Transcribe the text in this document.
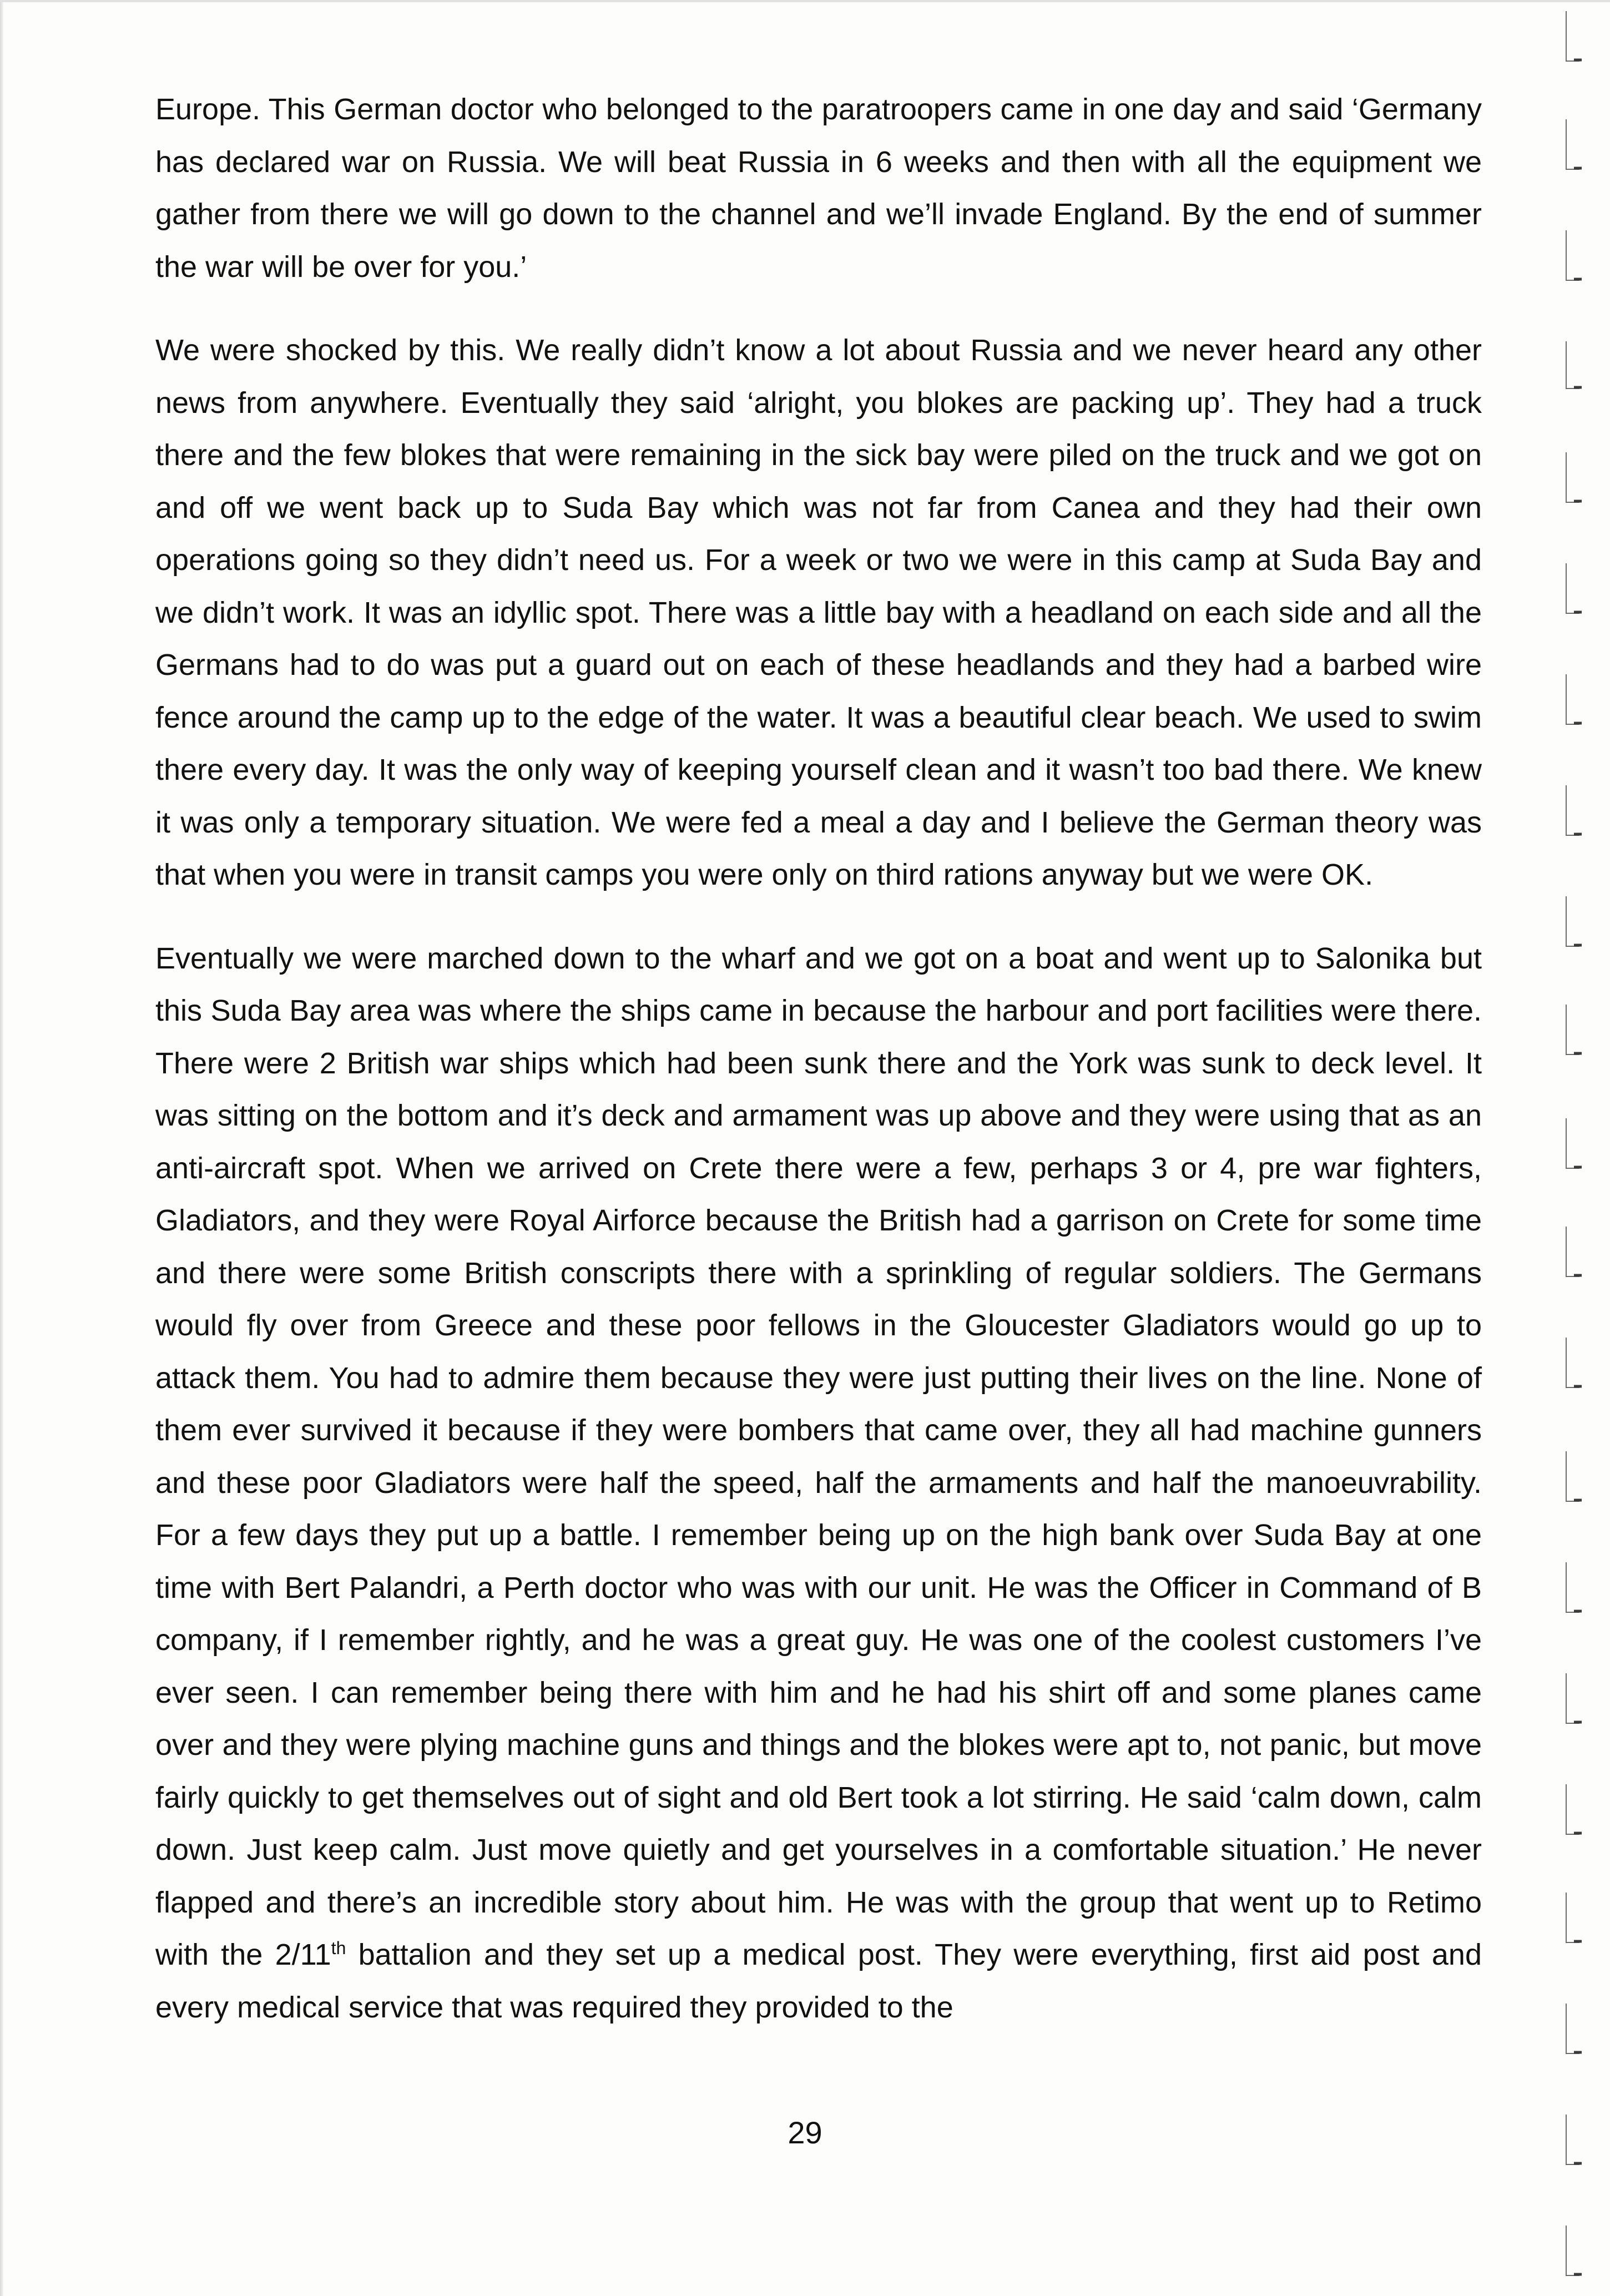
Europe. This German doctor who belonged to the paratroopers came in one day and said ‘Germany has declared war on Russia. We will beat Russia in 6 weeks and then with all the equipment we gather from there we will go down to the channel and we’ll invade England. By the end of summer the war will be over for you.’

We were shocked by this. We really didn’t know a lot about Russia and we never heard any other news from anywhere. Eventually they said ‘alright, you blokes are packing up’. They had a truck there and the few blokes that were remaining in the sick bay were piled on the truck and we got on and off we went back up to Suda Bay which was not far from Canea and they had their own operations going so they didn’t need us. For a week or two we were in this camp at Suda Bay and we didn’t work. It was an idyllic spot. There was a little bay with a headland on each side and all the Germans had to do was put a guard out on each of these headlands and they had a barbed wire fence around the camp up to the edge of the water. It was a beautiful clear beach. We used to swim there every day. It was the only way of keeping yourself clean and it wasn’t too bad there. We knew it was only a temporary situation. We were fed a meal a day and I believe the German theory was that when you were in transit camps you were only on third rations anyway but we were OK.

Eventually we were marched down to the wharf and we got on a boat and went up to Salonika but this Suda Bay area was where the ships came in because the harbour and port facilities were there. There were 2 British war ships which had been sunk there and the York was sunk to deck level. It was sitting on the bottom and it’s deck and armament was up above and they were using that as an anti-aircraft spot. When we arrived on Crete there were a few, perhaps 3 or 4, pre war fighters, Gladiators, and they were Royal Airforce because the British had a garrison on Crete for some time and there were some British conscripts there with a sprinkling of regular soldiers. The Germans would fly over from Greece and these poor fellows in the Gloucester Gladiators would go up to attack them. You had to admire them because they were just putting their lives on the line. None of them ever survived it because if they were bombers that came over, they all had machine gunners and these poor Gladiators were half the speed, half the armaments and half the manoeuvrability. For a few days they put up a battle. I remember being up on the high bank over Suda Bay at one time with Bert Palandri, a Perth doctor who was with our unit. He was the Officer in Command of B company, if I remember rightly, and he was a great guy. He was one of the coolest customers I’ve ever seen. I can remember being there with him and he had his shirt off and some planes came over and they were plying machine guns and things and the blokes were apt to, not panic, but move fairly quickly to get themselves out of sight and old Bert took a lot stirring. He said ‘calm down, calm down. Just keep calm. Just move quietly and get yourselves in a comfortable situation.’ He never flapped and there’s an incredible story about him. He was with the group that went up to Retimo with the 2/11th battalion and they set up a medical post. They were everything, first aid post and every medical service that was required they provided to the

29
